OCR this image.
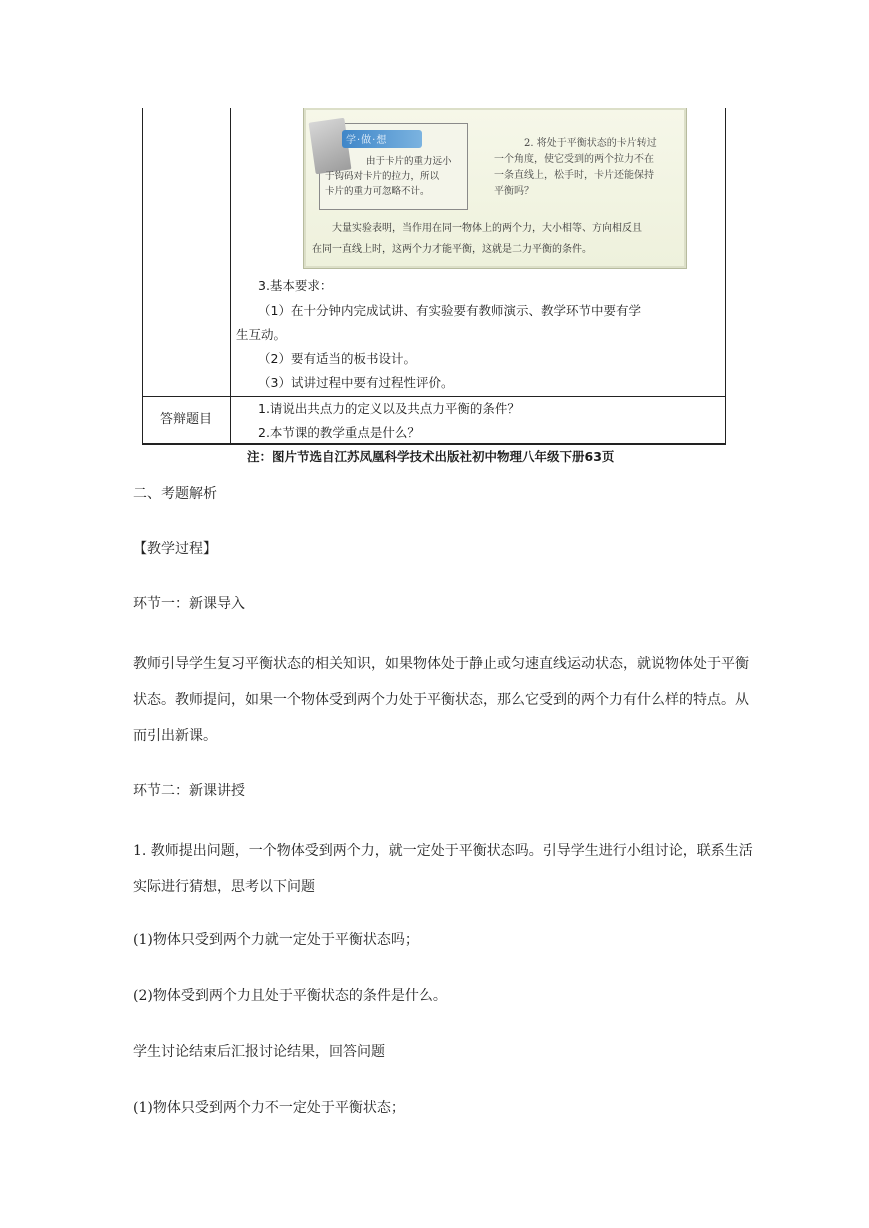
学·做·想
由于卡片的重力远小
于钩码对卡片的拉力，所以
卡片的重力可忽略不计。
2. 将处于平衡状态的卡片转过
一个角度，使它受到的两个拉力不在
一条直线上，松手时，卡片还能保持
平衡吗？
大量实验表明，当作用在同一物体上的两个力，大小相等、方向相反且
在同一直线上时，这两个力才能平衡，这就是二力平衡的条件。
3.基本要求：
（1）在十分钟内完成试讲、有实验要有教师演示、教学环节中要有学
生互动。
（2）要有适当的板书设计。
（3）试讲过程中要有过程性评价。
答辩题目
1.请说出共点力的定义以及共点力平衡的条件？
2.本节课的教学重点是什么？
注：图片节选自江苏凤凰科学技术出版社初中物理八年级下册63页
二、考题解析
【教学过程】
环节一：新课导入
教师引导学生复习平衡状态的相关知识，如果物体处于静止或匀速直线运动状态，就说物体处于平衡状态。教师提问，如果一个物体受到两个力处于平衡状态，那么它受到的两个力有什么样的特点。从而引出新课。
环节二：新课讲授
1. 教师提出问题，一个物体受到两个力，就一定处于平衡状态吗。引导学生进行小组讨论，联系生活实际进行猜想，思考以下问题
(1)物体只受到两个力就一定处于平衡状态吗；
(2)物体受到两个力且处于平衡状态的条件是什么。
学生讨论结束后汇报讨论结果，回答问题
(1)物体只受到两个力不一定处于平衡状态；
